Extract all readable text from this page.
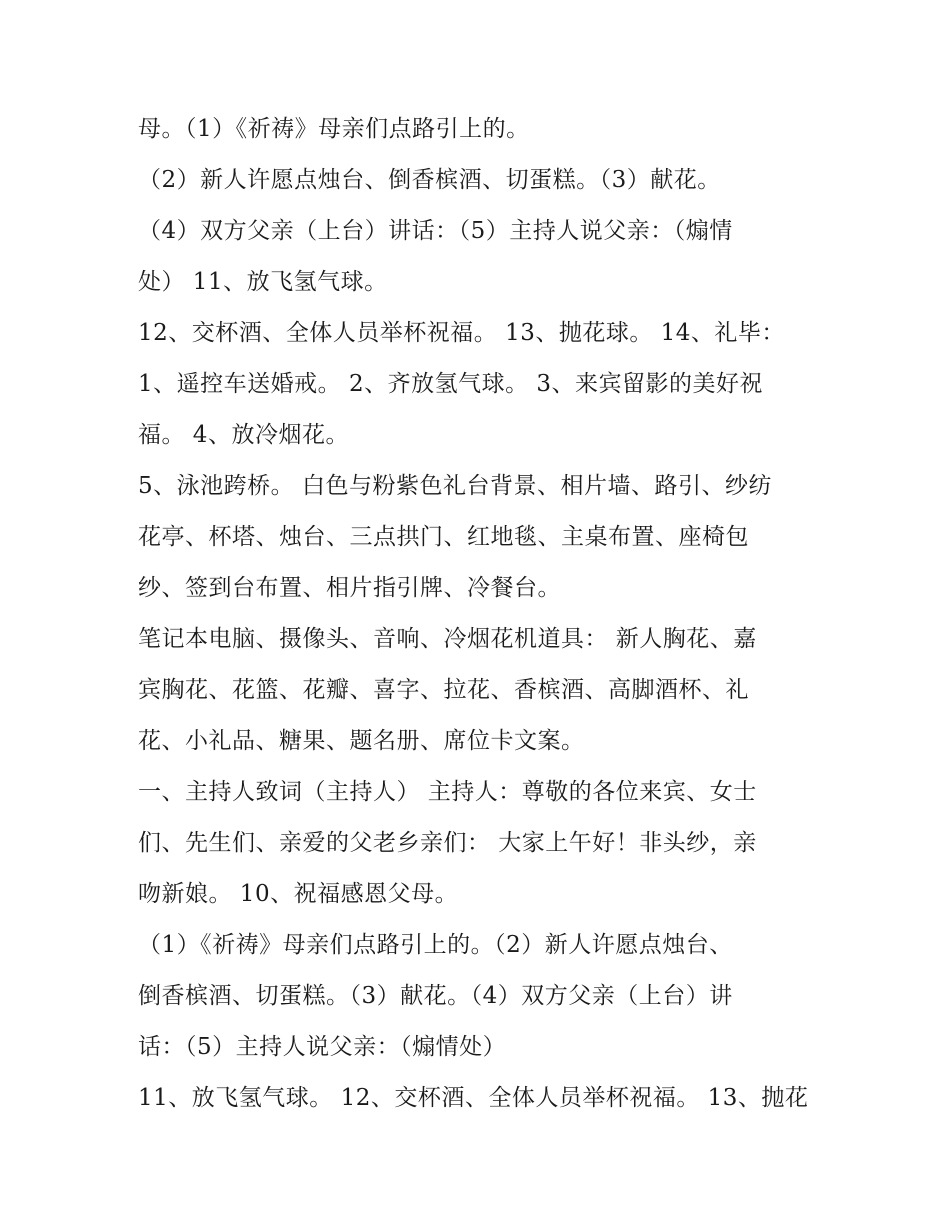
母。（1）《祈祷》母亲们点路引上的。
（2）新人许愿点烛台、倒香槟酒、切蛋糕。（3）献花。
（4）双方父亲（上台）讲话：（5）主持人说父亲：（煽情
处） 11、放飞氢气球。
12、交杯酒、全体人员举杯祝福。 13、抛花球。 14、礼毕：
1、遥控车送婚戒。 2、齐放氢气球。 3、来宾留影的美好祝
福。 4、放冷烟花。
5、泳池跨桥。 白色与粉紫色礼台背景、相片墙、路引、纱纺
花亭、杯塔、烛台、三点拱门、红地毯、主桌布置、座椅包
纱、签到台布置、相片指引牌、冷餐台。
笔记本电脑、摄像头、音响、冷烟花机道具： 新人胸花、嘉
宾胸花、花篮、花瓣、喜字、拉花、香槟酒、高脚酒杯、礼
花、小礼品、糖果、题名册、席位卡文案。
一、主持人致词（主持人） 主持人：尊敬的各位来宾、女士
们、先生们、亲爱的父老乡亲们： 大家上午好！非头纱，亲
吻新娘。 10、祝福感恩父母。
（1）《祈祷》母亲们点路引上的。（2）新人许愿点烛台、
倒香槟酒、切蛋糕。（3）献花。（4）双方父亲（上台）讲
话：（5）主持人说父亲：（煽情处）
11、放飞氢气球。 12、交杯酒、全体人员举杯祝福。 13、抛花
